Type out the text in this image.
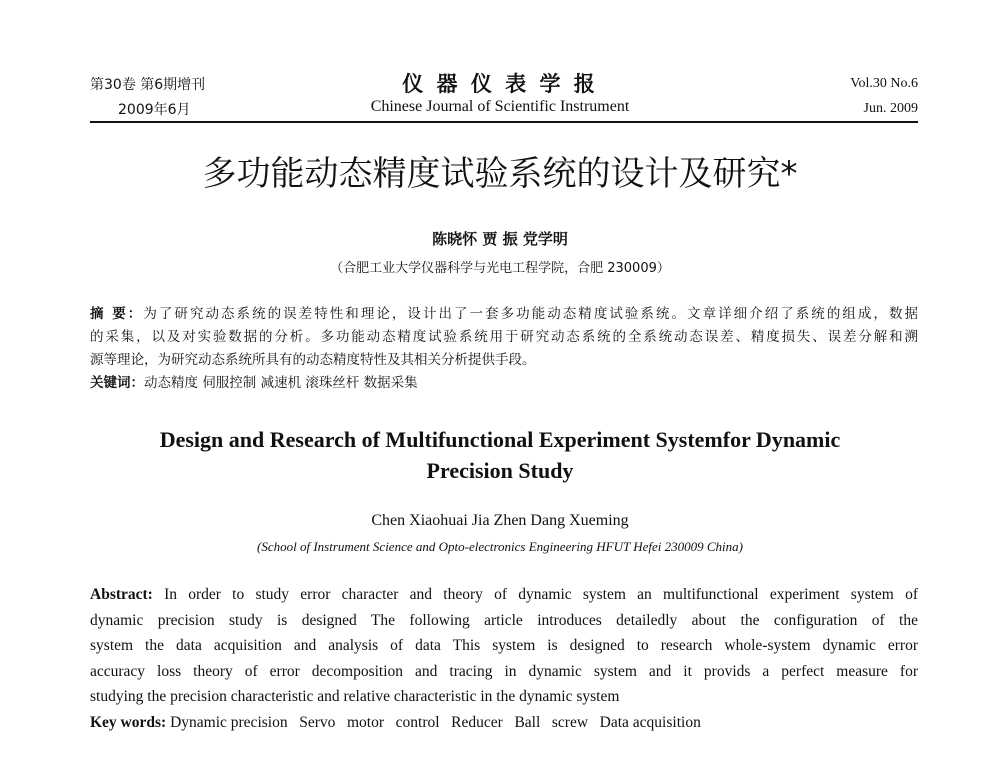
第30卷 第6期增刊
2009年6月
仪 器 仪 表 学 报
Chinese Journal of Scientific Instrument
Vol.30 No.6
Jun. 2009
多功能动态精度试验系统的设计及研究*
陈晓怀 贾 振 党学明
（合肥工业大学仪器科学与光电工程学院，合肥 230009）
摘 要：为了研究动态系统的误差特性和理论，设计出了一套多功能动态精度试验系统。文章详细介绍了系统的组成，数据
的采集，以及对实验数据的分析。多功能动态精度试验系统用于研究动态系统的全系统动态误差、精度损失、误差分解和溯
源等理论，为研究动态系统所具有的动态精度特性及其相关分析提供手段。
关键词：动态精度 伺服控制 减速机 滚珠丝杆 数据采集
Design and Research of Multifunctional Experiment Systemfor Dynamic
Precision Study
Chen Xiaohuai Jia Zhen Dang Xueming
(School of Instrument Science and Opto-electronics Engineering HFUT Hefei 230009 China)
Abstract: In order to study error character and theory of dynamic system an multifunctional experiment system of
dynamic precision study is designed The following article introduces detailedly about the configuration of the
system the data acquisition and analysis of data This system is designed to research whole-system dynamic error
accuracy loss theory of error decomposition and tracing in dynamic system and it provids a perfect measure for
studying the precision characteristic and relative characteristic in the dynamic system
Key words: Dynamic precision   Servo   motor   control   Reducer   Ball   screw   Data acquisition
